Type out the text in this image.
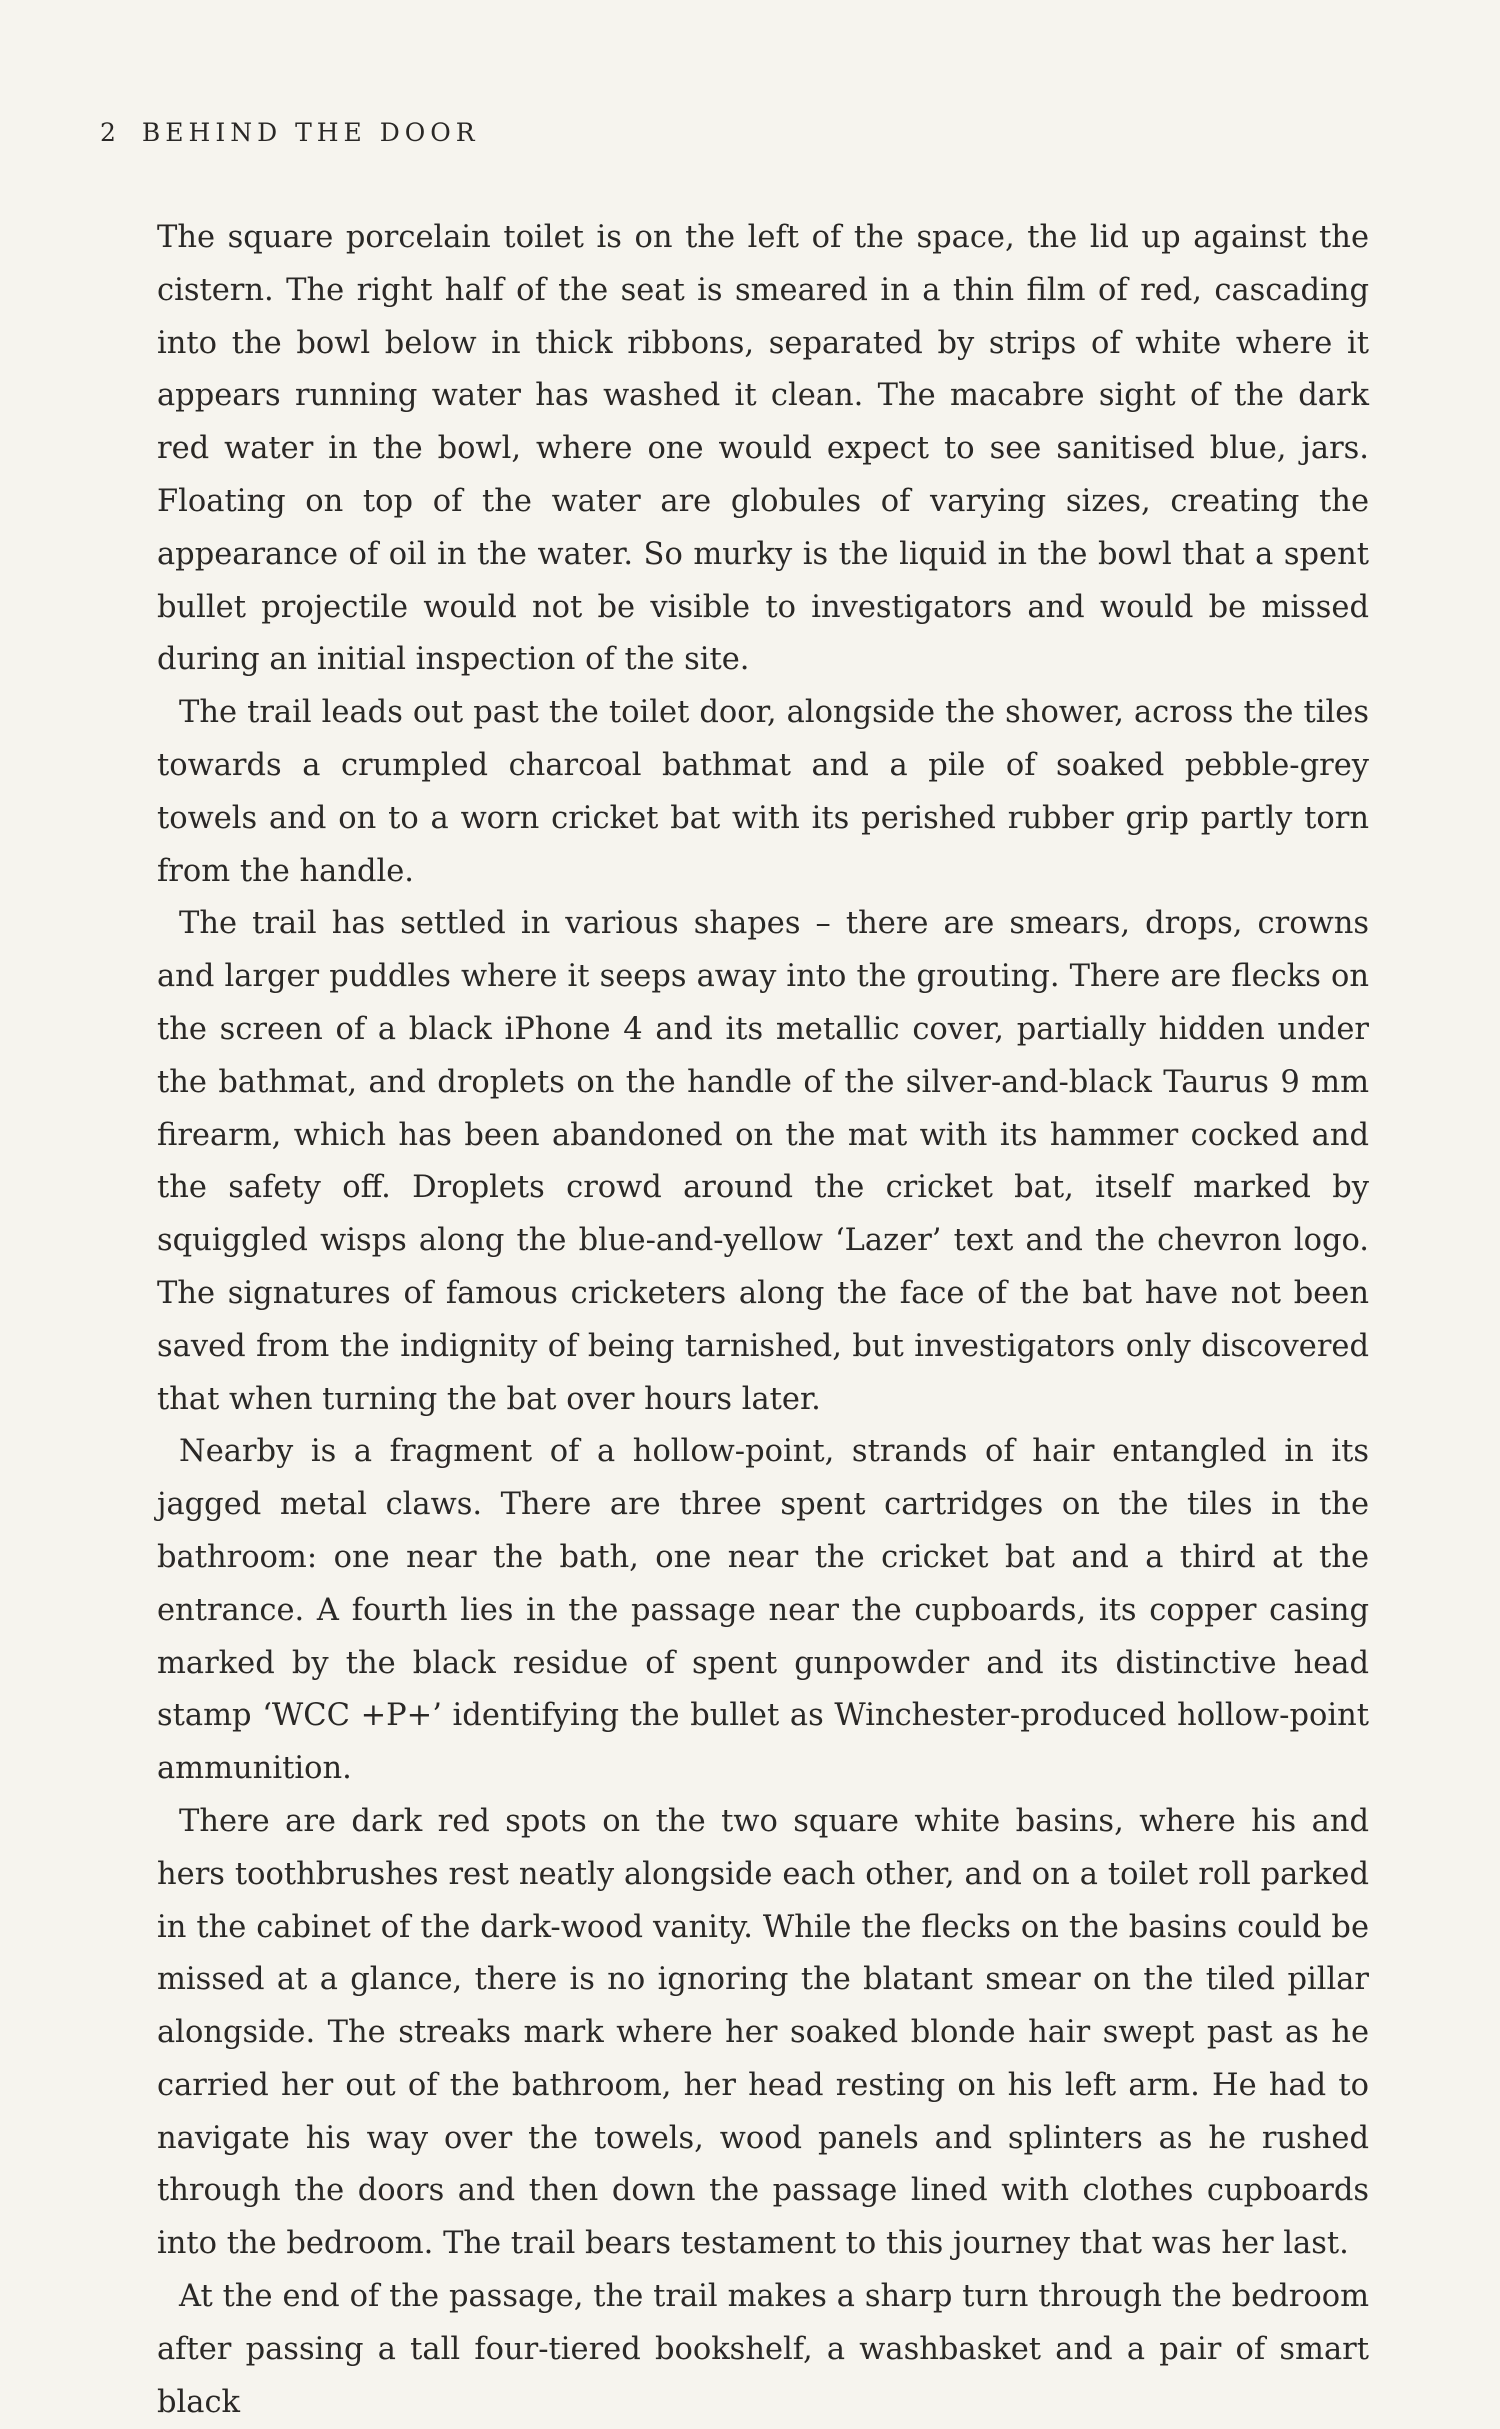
2 BEHIND THE DOOR

The square porcelain toilet is on the left of the space, the lid up against the cistern. The right half of the seat is smeared in a thin film of red, cascading into the bowl below in thick ribbons, separated by strips of white where it appears running water has washed it clean. The macabre sight of the dark red water in the bowl, where one would expect to see sanitised blue, jars. Floating on top of the water are globules of varying sizes, creating the appearance of oil in the water. So murky is the liquid in the bowl that a spent bullet projectile would not be visible to investigators and would be missed during an initial inspection of the site.

The trail leads out past the toilet door, alongside the shower, across the tiles towards a crumpled charcoal bathmat and a pile of soaked pebble-grey towels and on to a worn cricket bat with its perished rubber grip partly torn from the handle.

The trail has settled in various shapes – there are smears, drops, crowns and larger puddles where it seeps away into the grouting. There are flecks on the screen of a black iPhone 4 and its metallic cover, partially hidden under the bathmat, and droplets on the handle of the silver-and-black Taurus 9 mm firearm, which has been abandoned on the mat with its hammer cocked and the safety off. Droplets crowd around the cricket bat, itself marked by squiggled wisps along the blue-and-yellow ‘Lazer’ text and the chevron logo. The signatures of famous cricketers along the face of the bat have not been saved from the indignity of being tarnished, but investigators only discovered that when turning the bat over hours later.

Nearby is a fragment of a hollow-point, strands of hair entangled in its jagged metal claws. There are three spent cartridges on the tiles in the bathroom: one near the bath, one near the cricket bat and a third at the entrance. A fourth lies in the passage near the cupboards, its copper casing marked by the black residue of spent gunpowder and its distinctive head stamp ‘WCC +P+’ identifying the bullet as Winchester-produced hollow-point ammunition.

There are dark red spots on the two square white basins, where his and hers toothbrushes rest neatly alongside each other, and on a toilet roll parked in the cabinet of the dark-wood vanity. While the flecks on the basins could be missed at a glance, there is no ignoring the blatant smear on the tiled pillar alongside. The streaks mark where her soaked blonde hair swept past as he carried her out of the bathroom, her head resting on his left arm. He had to navigate his way over the towels, wood panels and splinters as he rushed through the doors and then down the passage lined with clothes cupboards into the bedroom. The trail bears testament to this journey that was her last.

At the end of the passage, the trail makes a sharp turn through the bedroom after passing a tall four-tiered bookshelf, a washbasket and a pair of smart black
